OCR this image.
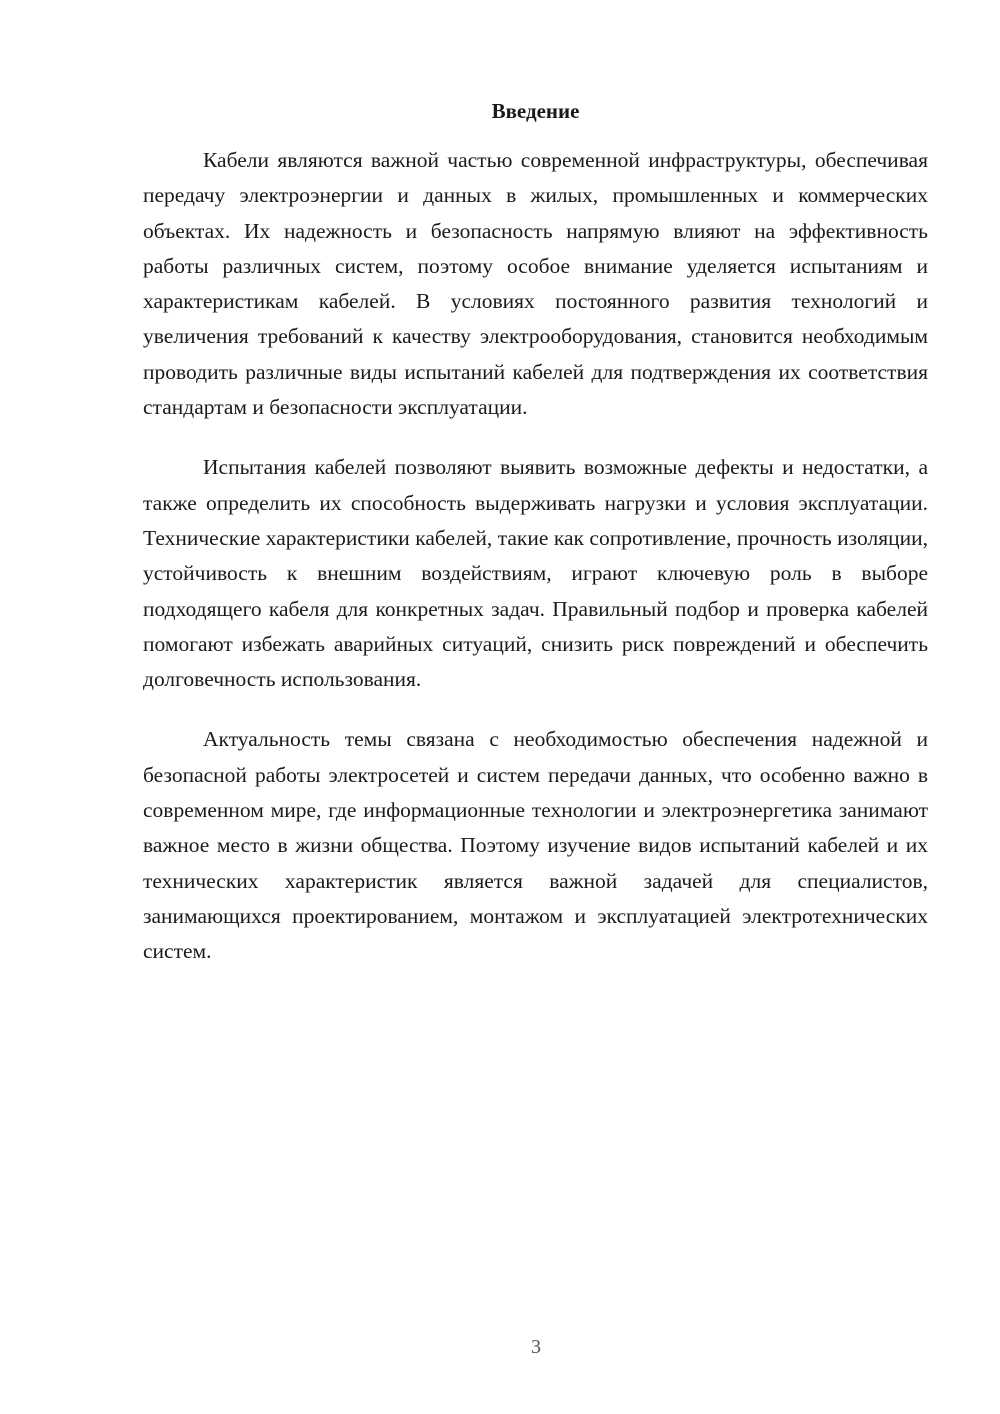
Введение

Кабели являются важной частью современной инфраструктуры, обеспечивая передачу электроэнергии и данных в жилых, промышленных и коммерческих объектах. Их надежность и безопасность напрямую влияют на эффективность работы различных систем, поэтому особое внимание уделяется испытаниям и характеристикам кабелей. В условиях постоянного развития технологий и увеличения требований к качеству электрооборудования, становится необходимым проводить различные виды испытаний кабелей для подтверждения их соответствия стандартам и безопасности эксплуатации.

Испытания кабелей позволяют выявить возможные дефекты и недостатки, а также определить их способность выдерживать нагрузки и условия эксплуатации. Технические характеристики кабелей, такие как сопротивление, прочность изоляции, устойчивость к внешним воздействиям, играют ключевую роль в выборе подходящего кабеля для конкретных задач. Правильный подбор и проверка кабелей помогают избежать аварийных ситуаций, снизить риск повреждений и обеспечить долговечность использования.

Актуальность темы связана с необходимостью обеспечения надежной и безопасной работы электросетей и систем передачи данных, что особенно важно в современном мире, где информационные технологии и электроэнергетика занимают важное место в жизни общества. Поэтому изучение видов испытаний кабелей и их технических характеристик является важной задачей для специалистов, занимающихся проектированием, монтажом и эксплуатацией электротехнических систем.

3
